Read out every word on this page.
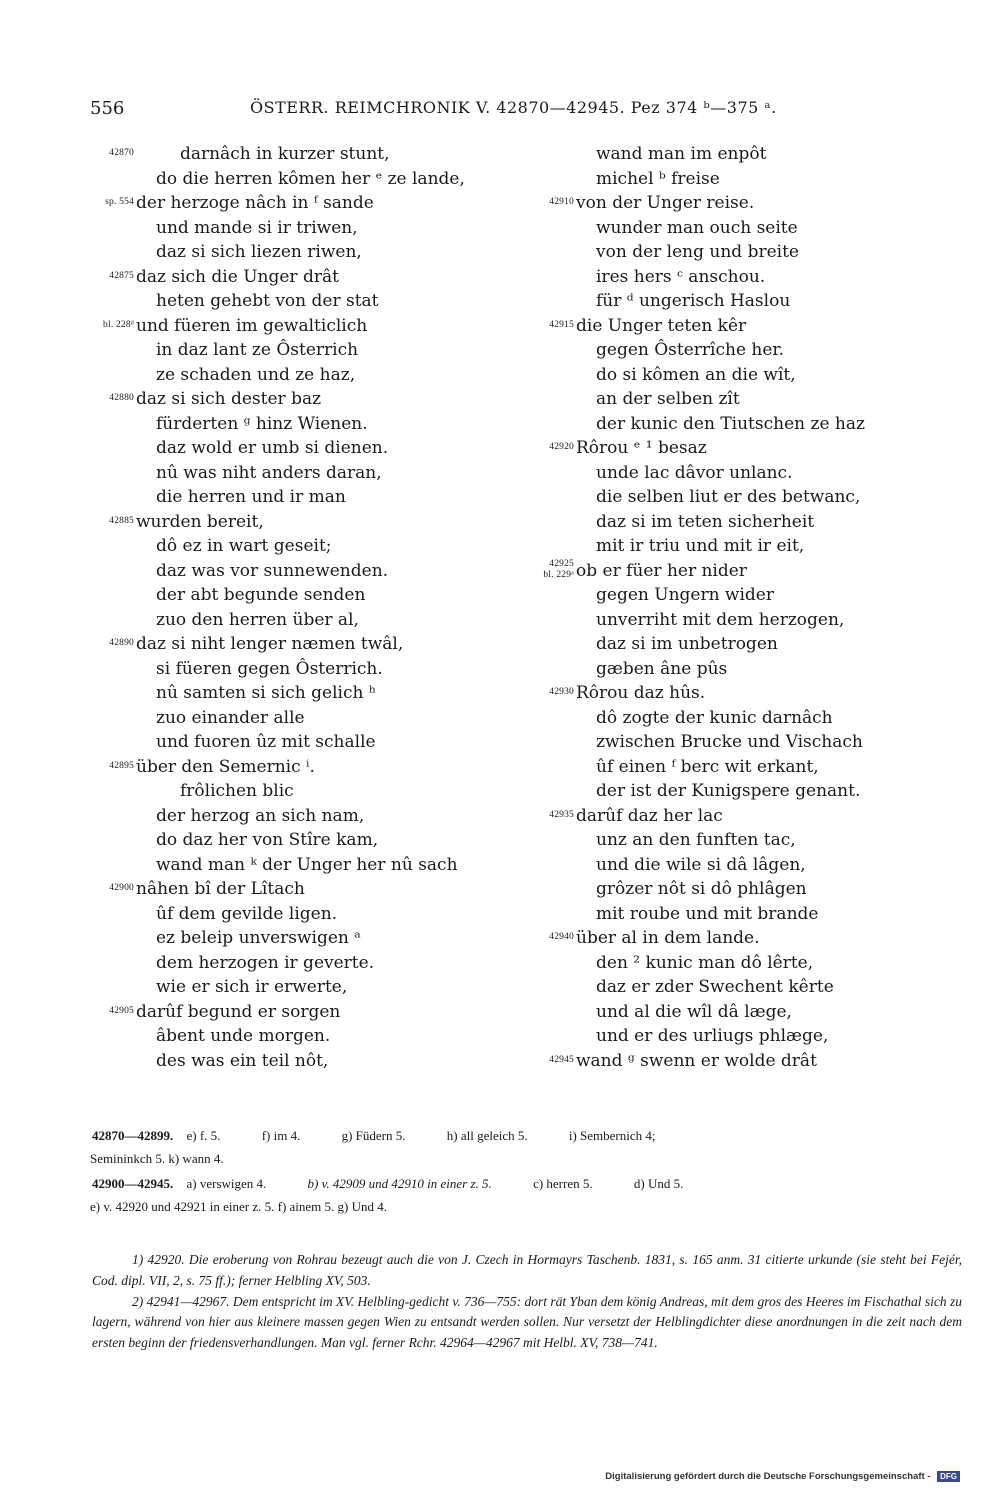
556	ÖSTERR. REIMCHRONIK V. 42870—42945. Pez 374 ᵇ—375 ᵃ.
42870	darnâch in kurzer stunt,
do die herren kômen her ᵉ ze lande,
sp. 554 der herzoge nâch in ᶠ sande
und mande si ir triwen,
daz si sich liezen riwen,
42875 daz sich die Unger drât
heten gehebt von der stat
bl. 228ᵈ und füeren im gewalticlich
in daz lant ze Ôsterrich
ze schaden und ze haz,
42880 daz si sich dester baz
fürderten ᵍ hinz Wienen.
daz wold er umb si dienen.
nû was niht anders daran,
die herren und ir man
42885 wurden bereit,
dô ez in wart geseit;
daz was vor sunnewenden.
der abt begunde senden
zuo den herren über al,
42890 daz si niht lenger næmen twâl,
si füeren gegen Ôsterrich.
nû samten si sich gelich ʰ
zuo einander alle
und fuoren ûz mit schalle
42895 über den Semernic ⁱ.
frôlichen blic
der herzog an sich nam,
do daz her von Stîre kam,
wand man ᵏ der Unger her nû sach
42900 nâhen bî der Lîtach
ûf dem gevilde ligen.
ez beleip unverswigen ᵃ
dem herzogen ir geverte.
wie er sich ir erwerte,
42905 darûf begund er sorgen
âbent unde morgen.
des was ein teil nôt,
wand man im enpôt
michel ᵇ freise
42910 von der Unger reise.
wunder man ouch seite
von der leng und breite
ires hers ᶜ anschou.
für ᵈ ungerisch Haslou
42915 die Unger teten kêr
gegen Ôsterrîche her.
do si kômen an die wît,
an der selben zît
der kunic den Tiutschen ze haz
42920 Rôrou ᵉ ¹ besaz
unde lac dâvor unlanc.
die selben liut er des betwanc,
daz si im teten sicherheit
mit ir triu und mit ir eit,
42925
bl. 229ᵃ ob er füer her nider
gegen Ungern wider
unverriht mit dem herzogen,
daz si im unbetrogen
gæben âne pûs
42930 Rôrou daz hûs.
dô zogte der kunic darnâch
zwischen Brucke und Vischach
ûf einen ᶠ berc wit erkant,
der ist der Kunigspere genant.
42935 darûf daz her lac
unz an den funften tac,
und die wile si dâ lâgen,
grôzer nôt si dô phlâgen
mit roube und mit brande
42940 über al in dem lande.
den ² kunic man dô lêrte,
daz er zder Swechent kêrte
und al die wîl dâ læge,
und er des urliugs phlæge,
42945 wand ᵍ swenn er wolde drât
42870—42899. e) f. 5.	f) im 4.	g) Füdern 5.	h) all geleich 5.	i) Sembernich 4;
Semininkch 5. k) wann 4.
42900—42945. a) verswigen 4.	b) v. 42909 und 42910 in einer z. 5.	c) herren 5.	d) Und 5.
e) v. 42920 und 42921 in einer z. 5. f) ainem 5. g) Und 4.

1) 42920. Die eroberung von Rohrau bezeugt auch die von J. Czech in Hormayrs Taschenb. 1831, s. 165 anm. 31 citierte urkunde (sie steht bei Fejér, Cod. dipl. VII, 2, s. 75 ff.); ferner Helbling XV, 503.

2) 42941—42967. Dem entspricht im XV. Helbling-gedicht v. 736—755: dort rät Yban dem könig Andreas, mit dem gros des Heeres im Fischathal sich zu lagern, während von hier aus kleinere massen gegen Wien zu entsandt werden sollen. Nur versetzt der Helblingdichter diese anordnungen in die zeit nach dem ersten beginn der friedensverhandlungen. Man vgl. ferner Rchr. 42964—42967 mit Helbl. XV, 738—741.

Digitalisierung gefördert durch die Deutsche Forschungsgemeinschaft - DFG
